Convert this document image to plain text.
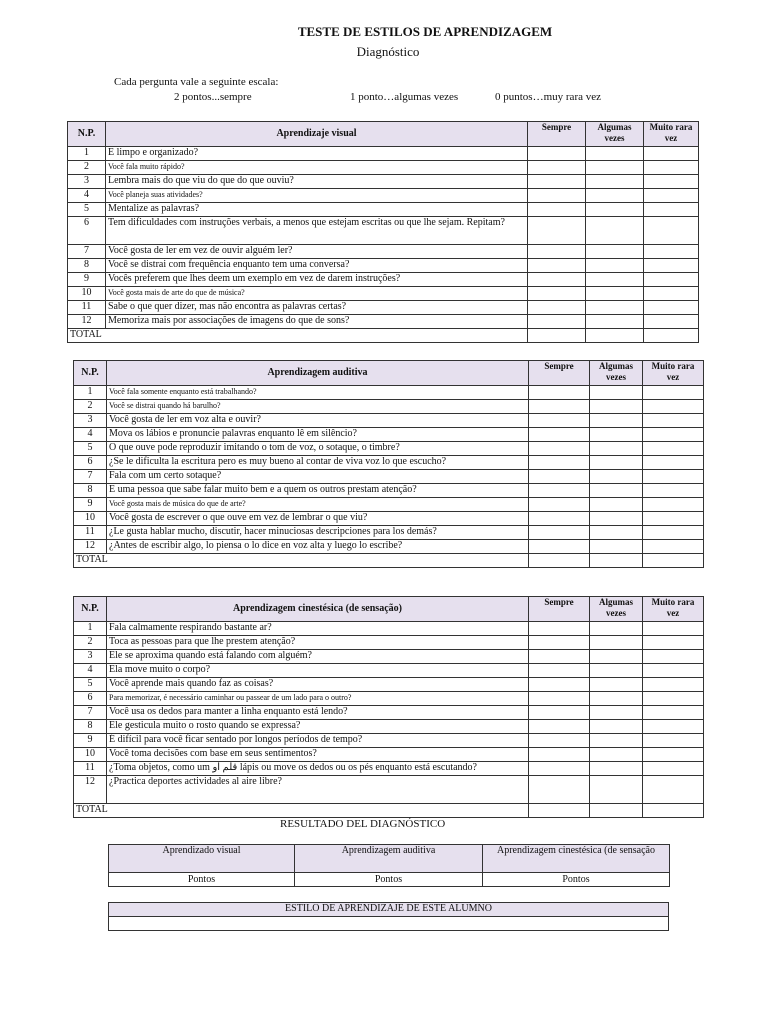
TESTE DE ESTILOS DE APRENDIZAGEM
Diagnóstico
Cada pergunta vale a seguinte escala:
2 pontos...sempre	1 ponto…algumas vezes	0 puntos…muy rara vez
N.P.	Aprendizaje visual	Sempre	Algumas vezes	Muito rara vez
1	E limpo e organizado?			
2	Você fala muito rápido?			
3	Lembra mais do que viu do que do que ouviu?			
4	Você planeja suas atividades?			
5	Mentalize as palavras?			
6	Tem dificuldades com instruções verbais, a menos que estejam escritas ou que lhe sejam. Repitam?			
7	Você gosta de ler em vez de ouvir alguém ler?			
8	Você se distrai com frequência enquanto tem uma conversa?			
9	Vocês preferem que lhes deem um exemplo em vez de darem instruções?			
10	Você gosta mais de arte do que de música?			
11	Sabe o que quer dizer, mas não encontra as palavras certas?			
12	Memoriza mais por associações de imagens do que de sons?			
TOTAL				
N.P.	Aprendizagem auditiva	Sempre	Algumas vezes	Muito rara vez
1	Você fala somente enquanto está trabalhando?			
2	Você se distrai quando há barulho?			
3	Você gosta de ler em voz alta e ouvir?			
4	Mova os lábios e pronuncie palavras enquanto lê em silêncio?			
5	O que ouve pode reproduzir imitando o tom de voz, o sotaque, o timbre?			
6	¿Se le dificulta la escritura pero es muy bueno al contar de viva voz lo que escucho?			
7	Fala com um certo sotaque?			
8	E uma pessoa que sabe falar muito bem e a quem os outros prestam atenção?			
9	Você gosta mais de música do que de arte?			
10	Você gosta de escrever o que ouve em vez de lembrar o que viu?			
11	¿Le gusta hablar mucho, discutir, hacer minuciosas descripciones para los demás?			
12	¿Antes de escribir algo, lo piensa o lo dice en voz alta y luego lo escribe?			
TOTAL				
N.P.	Aprendizagem cinestésica (de sensação)	Sempre	Algumas vezes	Muito rara vez
1	Fala calmamente respirando bastante ar?			
2	Toca as pessoas para que lhe prestem atenção?			
3	Ele se aproxima quando está falando com alguém?			
4	Ela move muito o corpo?			
5	Você aprende mais quando faz as coisas?			
6	Para memorizar, é necessário caminhar ou passear de um lado para o outro?			
7	Você usa os dedos para manter a linha enquanto está lendo?			
8	Ele gesticula muito o rosto quando se expressa?			
9	É difícil para você ficar sentado por longos períodos de tempo?			
10	Você toma decisões com base em seus sentimentos?			
11	¿Toma objetos, como um قلم أو lápis ou move os dedos ou os pés enquanto está escutando?			
12	¿Practica deportes actividades al aire libre?			
TOTAL				
RESULTADO DEL DIAGNÓSTICO
Aprendizado visual	Aprendizagem auditiva	Aprendizagem cinestésica (de sensação
Pontos	Pontos	Pontos
ESTILO DE APRENDIZAJE DE ESTE ALUMNO
